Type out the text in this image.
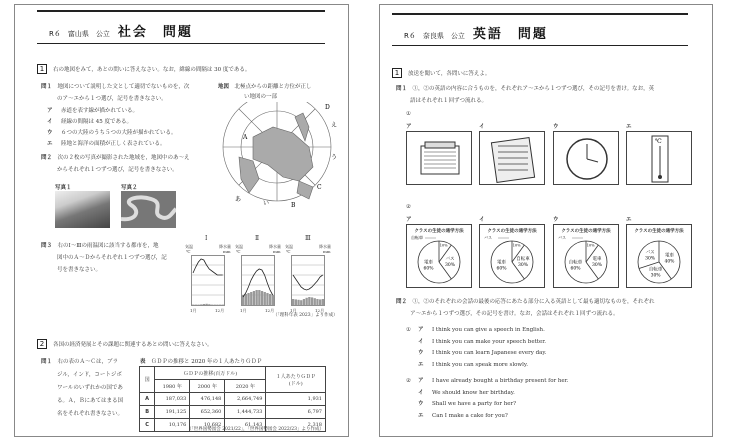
R６　 富山県　 公立 社会　問題
1 右の地図をみて，あとの問いに答えなさい。なお，緯線の間隔は 30 度である。
問１　 地図について説明した文として適切でないものを，次
のア～エから１つ選び，記号を書きなさい。
地図　 北極点からの距離と方位が正し
い地図の一部
A
B
C
D
あ
い
う
え
問２　 次の２枚の写真が撮影された地域を，地図中のあ～え
からそれぞれ１つずつ選び，記号を書きなさい。
写真１	写真２
問３　 右のⅠ～Ⅲの雨温図に該当する都市を，地
図中のＡ～Ｄからそれぞれ１つずつ選び，記
号を書きなさい。
（「理科年表 2023」より作成）
2 各国の経済発展とその課題に関連するあとの問いに答えなさい。
問１　 右の表のＡ～Ｃは，ブラ	表　 ＧＤＰの推移と 2020 年の１人あたりＧＤＰ
国	ＧＤＰの推移(百万ドル)			１人あたりＧＤＰ
(ドル)
	1980 年	2000 年	2020 年	
A	187,033	476,148	2,664,749	1,931
B	191,125	652,360	1,444,733	6,797
C	10,176	10,682	61,143	2,318
（「世界国勢図会 2021/22」，「世界国勢図会 2022/23」より作成）
ア 赤道を表す線が描かれている。
イ 経線の間隔は 45 度である。
ウ ６つの大陸のうち５つの大陸が描かれている。
エ 陸地と海洋の面積が正しく表されている。
ジル，インド，コートジボ
ワールのいずれかの国であ
る。Ａ，Ｂにあてはまる国
名をそれぞれ書きなさい。
Ⅰ
気温	降水量
℃	mm
1月	12月
Ⅱ
気温	降水量
℃	mm
1月	12月
Ⅲ
気温	降水量
℃	mm
1月	12月
R６　 奈良県　 公立 英語　問題
1 放送を聞いて，各問いに答えよ。
問１　 ①，②の英語の内容に合うものを，それぞれア～エから１つずつ選び，その記号を書け。なお，英
語はそれぞれ１回ずつ流れる。
①
②
問２　 ①，②のそれぞれの会話の最後の応答にあたる部分に入る英語として最も適切なものを，それぞれ
ア～エから１つずつ選び，その記号を書け。なお，会話はそれぞれ１回ずつ流れる。
ア	イ	ウ	エ
℃
ア
クラスの生徒の通学方法
自転車
10%
バス
30%
電車
60%
イ
クラスの生徒の通学方法
バス
10%
自転車
30%
電車
60%
ウ
クラスの生徒の通学方法
バス
10%
電車
30%
自転車
60%
エ
クラスの生徒の通学方法
電車
40%
自転車
30%
バス
30%
① ア I think you can give a speech in English.
イ I think you can make your speech better.
ウ I think you can learn Japanese every day.
エ I think you can speak more slowly.
② ア I have already bought a birthday present for her.
イ We should know her birthday.
ウ Shall we have a party for her?
エ Can I make a cake for you?
